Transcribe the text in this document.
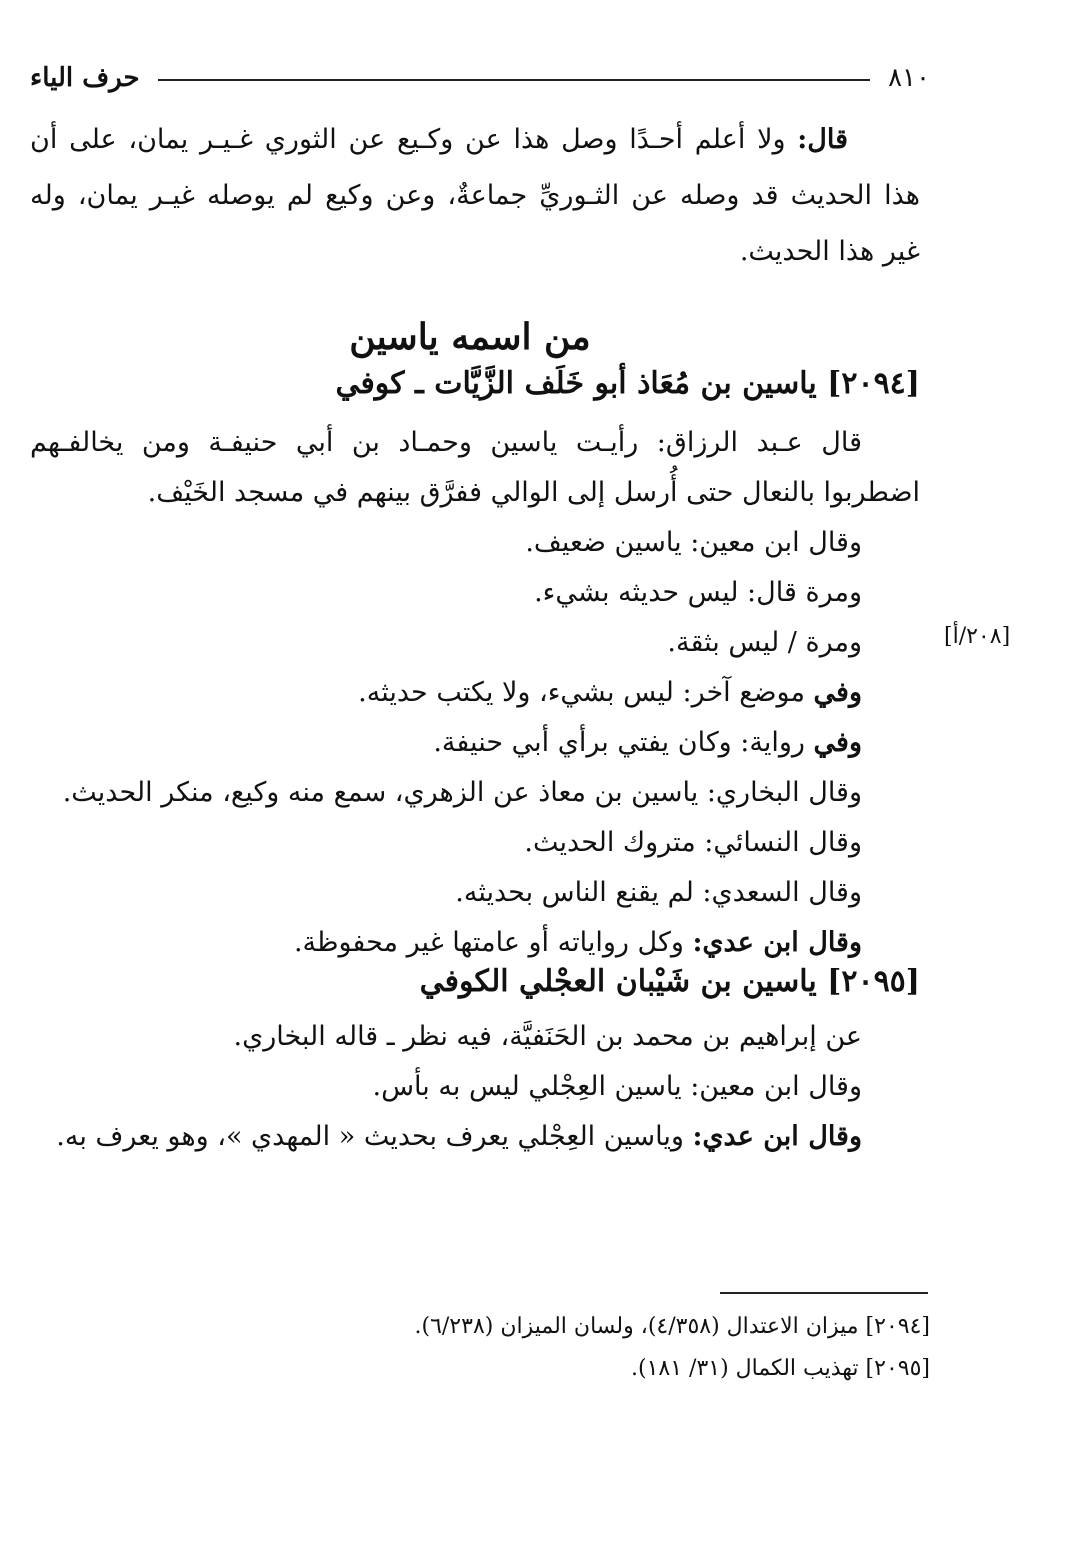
٨١٠
حرف الياء

قال: ولا أعلم أحـدًا وصل هذا عن وكـيع عن الثوري غـيـر يمان، على أن هذا الحديث قد وصله عن الثـوريِّ جماعةٌ، وعن وكيع لم يوصله غيـر يمان، وله غير هذا الحديث.

من اسمه ياسين
[٢٠٩٤] ياسين بن مُعَاذ أبو خَلَف الزَّيَّات ـ كوفي

قال عـبد الرزاق: رأيـت ياسين وحمـاد بن أبي حنيفـة ومن يخالفـهم اضطربوا بالنعال حتى أُرسل إلى الوالي ففرَّق بينهم في مسجد الخَيْف.

وقال ابن معين: ياسين ضعيف.

ومرة قال: ليس حديثه بشيء.

ومرة / ليس بثقة.

وفي موضع آخر: ليس بشيء، ولا يكتب حديثه.

وفي رواية: وكان يفتي برأي أبي حنيفة.

وقال البخاري: ياسين بن معاذ عن الزهري، سمع منه وكيع، منكر الحديث.

وقال النسائي: متروك الحديث.

وقال السعدي: لم يقنع الناس بحديثه.

وقال ابن عدي: وكل رواياته أو عامتها غير محفوظة.

[٢٠٨/أ]
[٢٠٩٥] ياسين بن شَيْبان العجْلي الكوفي

عن إبراهيم بن محمد بن الحَنَفيَّة، فيه نظر ـ قاله البخاري.

وقال ابن معين: ياسين العِجْلي ليس به بأس.

وقال ابن عدي: وياسين العِجْلي يعرف بحديث « المهدي »، وهو يعرف به.

[٢٠٩٤] ميزان الاعتدال (٤/٣٥٨)، ولسان الميزان (٦/٢٣٨).

[٢٠٩٥] تهذيب الكمال (٣١/ ١٨١).
